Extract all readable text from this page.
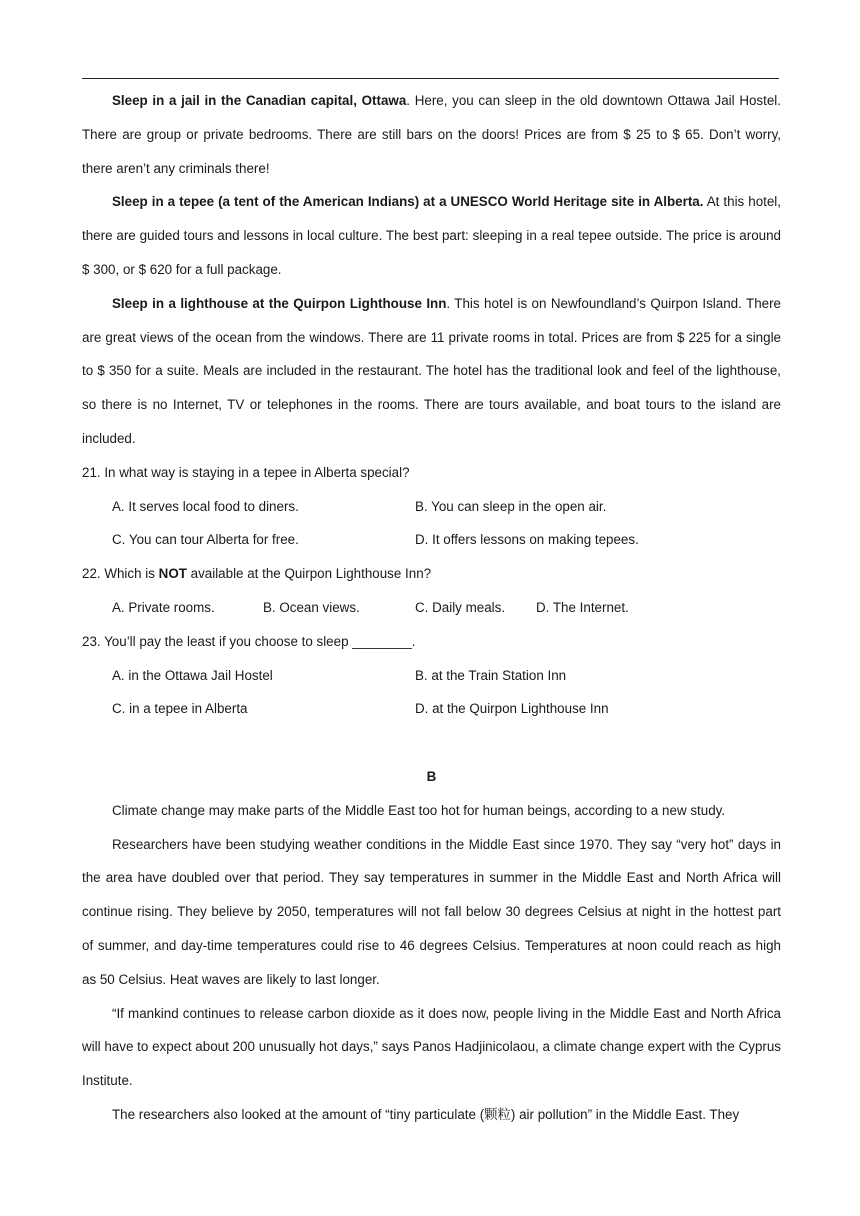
Sleep in a jail in the Canadian capital, Ottawa. Here, you can sleep in the old downtown Ottawa Jail Hostel. There are group or private bedrooms. There are still bars on the doors! Prices are from $ 25 to $ 65. Don’t worry, there aren’t any criminals there!

Sleep in a tepee (a tent of the American Indians) at a UNESCO World Heritage site in Alberta. At this hotel, there are guided tours and lessons in local culture. The best part: sleeping in a real tepee outside. The price is around $ 300, or $ 620 for a full package.

Sleep in a lighthouse at the Quirpon Lighthouse Inn. This hotel is on Newfoundland’s Quirpon Island. There are great views of the ocean from the windows. There are 11 private rooms in total. Prices are from $ 225 for a single to $ 350 for a suite. Meals are included in the restaurant. The hotel has the traditional look and feel of the lighthouse, so there is no Internet, TV or telephones in the rooms. There are tours available, and boat tours to the island are included.

21. In what way is staying in a tepee in Alberta special?
A. It serves local food to diners.	B. You can sleep in the open air.
C. You can tour Alberta for free.	D. It offers lessons on making tepees.
22. Which is NOT available at the Quirpon Lighthouse Inn?
A. Private rooms.	B. Ocean views.	C. Daily meals.	D. The Internet.
23. You’ll pay the least if you choose to sleep ________.
A. in the Ottawa Jail Hostel	B. at the Train Station Inn
C. in a tepee in Alberta	D. at the Quirpon Lighthouse Inn
B

Climate change may make parts of the Middle East too hot for human beings, according to a new study.

Researchers have been studying weather conditions in the Middle East since 1970. They say “very hot” days in the area have doubled over that period. They say temperatures in summer in the Middle East and North Africa will continue rising. They believe by 2050, temperatures will not fall below 30 degrees Celsius at night in the hottest part of summer, and day-time temperatures could rise to 46 degrees Celsius. Temperatures at noon could reach as high as 50 Celsius. Heat waves are likely to last longer.

“If mankind continues to release carbon dioxide as it does now, people living in the Middle East and North Africa will have to expect about 200 unusually hot days,” says Panos Hadjinicolaou, a climate change expert with the Cyprus Institute.

The researchers also looked at the amount of “tiny particulate (颗粒) air pollution” in the Middle East. They
